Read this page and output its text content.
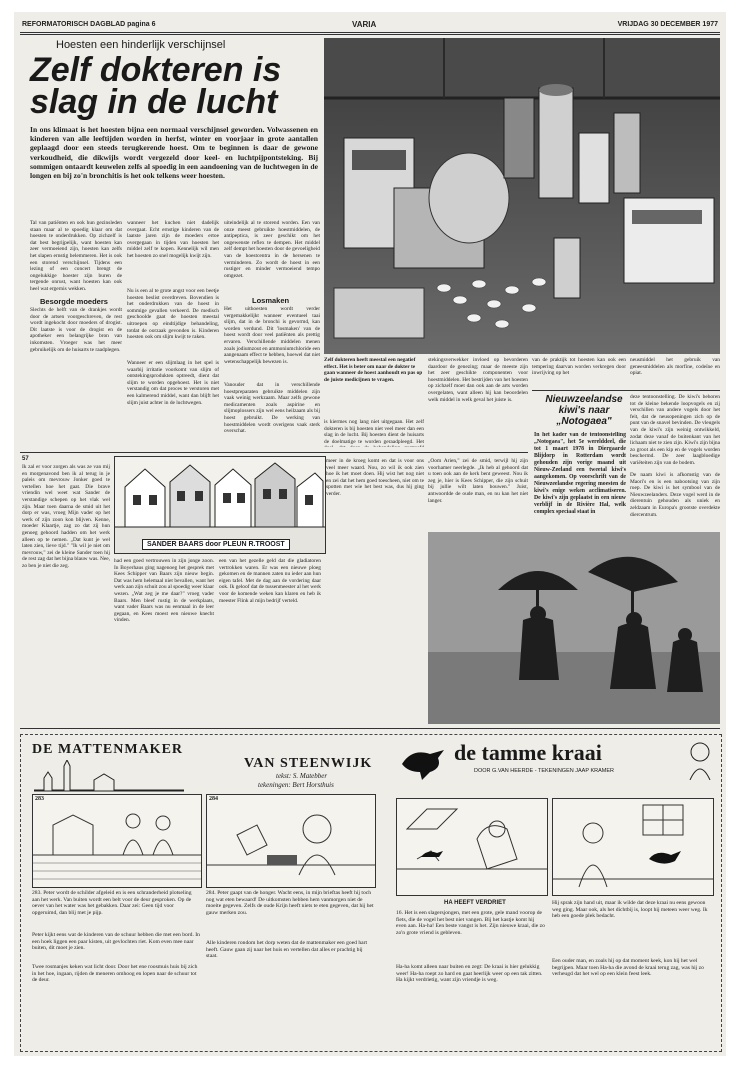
REFORMATORISCH DAGBLAD pagina 6	VARIA	VRIJDAG 30 DECEMBER 1977
Hoesten een hinderlijk verschijnsel
Zelf dokteren is
slag in de lucht
In ons klimaat is het hoesten bijna een normaal verschijnsel geworden. Volwassenen en kinderen van alle leeftijden worden in herfst, winter en voorjaar in grote aantallen geplaagd door een steeds terugkerende hoest. Om te beginnen is daar de gewone verkoudheid, die dikwijls wordt vergezeld door keel- en luchtpijpontsteking. Bij sommigen ontaardt keuwelen zelfs al spoedig in een aandoening van de luchtwegen in de longen en bij zo'n bronchitis is het ook telkens weer hoesten.
Tal van patiënten en ook hun gezinsleden staan maar al te spoedig klaar om dat hoesten te onderdrukken. Op zichzelf is dat best begrijpelijk, want hoesten kan zeer vermoeiend zijn, hoesten kan zelfs het slapen ernstig belemmeren. Het is ook een storend verschijnsel. Tijdens een lezing of een concert brengt de ongelukkige hoester zijn buren de tergende onrust, want hoesten kan ook heel wat ergernis wekken.
Besorgde moeders
Slechts de helft van de drankjes wordt door de artsen voorgeschreven, de rest wordt ingekocht door moeders of drogist. Dit laatste is voor de drogist en de apotheker een belangrijke bron van inkomsten. Vroeger was het meer gebruikelijk om de huisarts te raadplegen.
wanneer het kuchen niet dadelijk overgaat. Echt ernstige kinderen van de laatste jaren zijn de moeders ertoe overgegaan in tijden van hoesten het middel zelf te kopen. Kennelijk wil men het hoesten zo snel mogelijk kwijt zijn.
Nu is een al te grote angst voor een beetje hoesten beslist overdreven. Bovendien is het onderdrukken van de hoest in sommige gevallen verkeerd. De medisch geschoolde gaat de hoesten meestal uitroepen op eindtijdige behandeling, totdat de oorzaak gevonden is. Kinderen hoesten ook om slijm kwijt te raken.
Wanneer er een slijmlaag in het spel is waarbij irritatie voorkomt van slijm of ontstekingsprodukten optreedt, dient dat slijm te worden opgehoest. Het is niet verstandig om dat proces te verstoren met een kalmerend middel, want dan blijft het slijm juist achter in de luchtwegen.
uiteindelijk al te storend worden. Een van onze meest gebruikte hoestmiddelen, de antipeptica, is zeer geschikt om het ongewenste reflex te dempen. Het middel zelf dempt het hoesten door de gevoeligheid van de hoestcentra in de hersenen te verminderen. Zo wordt de hoest in een rustiger en minder vermoeiend tempo omgezet.
Losmaken
Het uithoesten wordt verder vergemakkelijkt wanneer eventueel taai slijm, dat in de bronchi is gevormd, kan worden verdund. Dit 'losmaken' van de hoest wordt door veel patiënten als prettig ervaren. Verschillende middelen menen zoals jodiumzout en ammoniumchloride een aangenaam effect te hebben, hoewel dat niet wetenschappelijk bewezen is.
Vanouder dat in verschillende hoestpreparaten gebruikte middelen zijn vaak weinig werkzaam. Maar zelfs gewone medicamenten zoals aspirine en slijmoplossers zijn wel eens heilzaam als bij hoest gebruikt. De werking van hoestmiddelen wordt overigens vaak sterk overschat.
Zelf dokteren heeft meestal een negatief effect. Het is beter om naar de dokter te gaan wanneer de hoest aanhoudt en pas op de juiste medicijnen te vragen.
is kiermes nog lang niet uitgegaan. Het zelf dokteren is bij hoesten niet veel meer dan een slag in de lucht. Bij hoesten dient de huisarts de doelmatige te worden geraadpleegd. Het
stekingsverwekker invloed op bevorderen daardoor de genezing; maar de meeste zijn het zeer geschikte componenten voor hoestmiddelen. Het bestrijden van het hoesten op zichzelf moet dan ook aan de arts worden overgelaten, want alleen hij kan beoordelen welk middel in welk geval het juiste is.
van de praktijk tot hoesten kan ook een tempering daarvan worden verkregen door inwrijving op het
neusmiddel het gebruik van geneesmiddelen als morfine, codeïne en opiat.
Nieuwzeelandse
kiwi's naar
„Notogaea"
In het kader van de tentoonstelling „Notogaea", het 5e werelddeel, die tot 1 maart 1978 in Diergaarde Blijdorp in Rotterdam wordt gehouden zijn vorige maand uit Nieuw-Zeeland een tweetal kiwi's aangekomen. Op voorschrift van de Nieuwzeelandse regering moesten de kiwi's enige weken acclimatiseren. De kiwi's zijn geplaatst in een nieuw verblijf in de Rivière Hal, welk complex speciaal staat in
deze tentoonstelling. De kiwi's behoren tot de kleine bekende loopvogels en zij verschillen van andere vogels door het feit, dat de neusopeningen zich op de punt van de snavel bevinden. De vleugels van de kiwi's zijn weinig ontwikkeld, zodat deze vanaf de buitenkant van het lichaam niet te zien zijn. Kiwi's zijn bijna zo groot als een kip en de vogels worden beschermd. De zeer laagbloedige variëteiten zijn van de bodem.
De naam kiwi is afkomstig van de Maori's en is een nabootsing van zijn roep. De kiwi is het symbool van de Nieuwzeelanders. Deze vogel werd in de dierentuin gehouden als uniek en zeldzaam in Europa's grootste overdekte diercentrum.
57
Ik zal er voor zorgen als was ze van mij en morgenavond ben ik al terug in je paleis om mevrouw Jonker goed te vertellen hoe het gaat. Die brave vriendin wel weet wat Sander de verstandige schepen op het vlak wel zijn. Maar toen daarna de smid uit het dorp er was, vroeg Mijn vader op het werk of zijn zoon kon blijven. Kenne, moeder Klaartje, zag zo dat zij hun genoeg gehoord hadden om het werk alleen op te nemen. „Dat kunt je wel laten zien, lieve tijd." "Ik wil je niet om mevrouw," zei de kleine Sander toen hij de rest zag dat het bijna blauw was. Nee, zo ben je niet die zeg.
SANDER BAARS door PLEUN R.TROOST
had een goed vertrouwen in zijn jonge zoon. In Boyerhaus ging nagenoeg het gesprek met Kees Schipper van Baars zijn nieuw begin. Dat was hem helemaal niet bevallen, want het werk aan zijn schuit zou al spoedig weer klaar wezen. „Wat zeg je me daar?" vroeg vader Baars. Men bleef rustig in de werkplaats, want vader Baars was nu eenmaal in de leer gegaan, en Kees moest een nieuwe knecht vinden.
een van het gezelle geld dat die gladiatoren vertrokken waren. Er was een nieuwe ploeg gekomen en de mannen zaten nu ieder aan hun eigen tafel. Met de dag aan de vordering daar ook. Ik geloof dat de tussenmeester al het werk voor de komende weken kan klaren en heb ik meester Flink al mijn bedrijf verteld.
meer in de kroeg komt en dat is voor ons veel meer waard. Nou, zo wil ik ook zien hoe ik het moet doen. Hij wist het nog niet en zei dat het hem goed toescheen, niet om te spotten met wie het best was, dus hij ging verder.
„Oom Arien," zei de smid, terwijl hij zijn voorhamer neerlegde. „Ik heb al gehoord dat u toen ook aan de kerk bent geweest. Nou ik zeg je, hier is Kees Schipper, die zijn schuit bij jullie wilt laten bouwen." Juist, antwoordde de oude man, en nu kan het niet langer.
DE MATTENMAKER
VAN STEENWIJK
tekst: S. Matebber
tekeningen: Bert Horsthuis
283	284
283. Peter wordt de schilder afgeleid en is een schranderheid plotseling aan het werk. Van buiten wordt een belt voor de deur gesproken. Op de oever van het water was het gebakken. Daar zei: Geen tijd voor opgeruimd, dan blij met je pijp.
Peter kijkt eens wat de kinderen van de schuur hebben die met een bord. In een hoek liggen een paar kisten, uit gevlochten riet. Kom even mee naar buiten, dit moet je zien.
Twee rosmanjes keken wat licht door. Door het ene roosmuis huis bij zich in het hoe, ingaan, rijden de meneren omhoog en lopen naar de schuur tot de deur.
284. Peter gaapt van de honger. Wacht eens, in mijn brieftas heeft hij toch nog wat eten bewaard! De uitkomsten hebben hem vanmorgen niet de moeite gegeven. Zelfs de oude Krijn heeft niets te eten gegeven, dat hij het gauw merken zou.
Alle kinderen rondom het dorp weten dat de mattenmaker een goed hart heeft. Gauw gaan zij naar het huis en vertellen dat alles er prachtig bij staat.
de tamme kraai
DOOR G.VAN HEERDE - TEKENINGEN JAAP KRAMER
HA HEEFT VERDRIET
16. Het is een slagersjongen, met een grote, gele mand voorop de fiets, die de vogel het best niet vangen. Bij het kastje komt hij even aan. Ha-ha! Een beste vangst is het. Zijn nieuwe kraai, die zo zo'n grote vriend is gebleven.
Ha-ha komt alleen naar buiten en zegt: De kraai is hier gelukkig weer! Ha-ha roept zo hard en gaat heerlijk weer op een tak zitten. Ha kijkt verdrietig, want zijn vriendje is weg.
Hij sprak zijn hand uit, maar ik wilde dat deze kraai nu eens gewoon weg ging. Maar ook, als het dichtbij is, loopt hij meteen weer weg. Ik heb een goede plek bedacht.
Een ouder man, en zoals hij op dat moment keek, kon hij het wel begrijpen. Maar toen Ha-ha die avond de kraai terug zag, was hij zo verheugd dat het wel op een klein feest leek.
